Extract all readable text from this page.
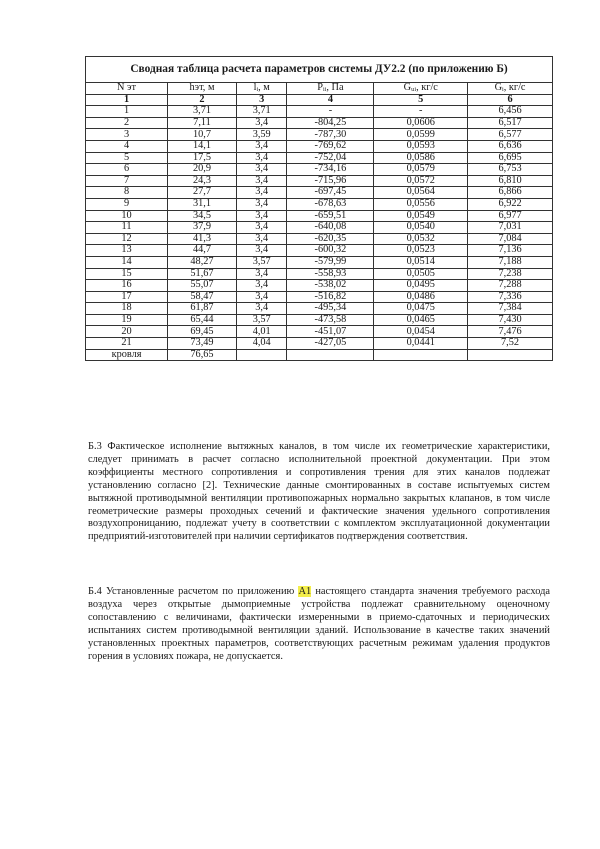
Сводная таблица расчета параметров системы ДУ2.2 (по приложению Б)					
N эт	hэт, м	lᵢ, м	Pᵢᵢ, Па	Gᵤᵢ, кг/с	Gᵢ, кг/с
1	2	3	4	5	6
1	3,71	3,71	-	-	6,456
2	7,11	3,4	-804,25	0,0606	6,517
3	10,7	3,59	-787,30	0,0599	6,577
4	14,1	3,4	-769,62	0,0593	6,636
5	17,5	3,4	-752,04	0,0586	6,695
6	20,9	3,4	-734,16	0,0579	6,753
7	24,3	3,4	-715,96	0,0572	6,810
8	27,7	3,4	-697,45	0,0564	6,866
9	31,1	3,4	-678,63	0,0556	6,922
10	34,5	3,4	-659,51	0,0549	6,977
11	37,9	3,4	-640,08	0,0540	7,031
12	41,3	3,4	-620,35	0,0532	7,084
13	44,7	3,4	-600,32	0,0523	7,136
14	48,27	3,57	-579,99	0,0514	7,188
15	51,67	3,4	-558,93	0,0505	7,238
16	55,07	3,4	-538,02	0,0495	7,288
17	58,47	3,4	-516,82	0,0486	7,336
18	61,87	3,4	-495,34	0,0475	7,384
19	65,44	3,57	-473,58	0,0465	7,430
20	69,45	4,01	-451,07	0,0454	7,476
21	73,49	4,04	-427,05	0,0441	7,52
кровля	76,65				
Б.3 Фактическое исполнение вытяжных каналов, в том числе их геометрические характеристики, следует принимать в расчет согласно исполнительной проектной документации. При этом коэффициенты местного сопротивления и сопротивления трения для этих каналов подлежат установлению согласно [2]. Технические данные смонтированных в составе испытуемых систем вытяжной противодымной вентиляции противопожарных нормально закрытых клапанов, в том числе геометрические размеры проходных сечений и фактические значения удельного сопротивления воздухопроницанию, подлежат учету в соответствии с комплектом эксплуатационной документации предприятий-изготовителей при наличии сертификатов подтверждения соответствия.
Б.4 Установленные расчетом по приложению А1 настоящего стандарта значения требуемого расхода воздуха через открытые дымоприемные устройства подлежат сравнительному оценочному сопоставлению с величинами, фактически измеренными в приемо-сдаточных и периодических испытаниях систем противодымной вентиляции зданий. Использование в качестве таких значений установленных проектных параметров, соответствующих расчетным режимам удаления продуктов горения в условиях пожара, не допускается.
